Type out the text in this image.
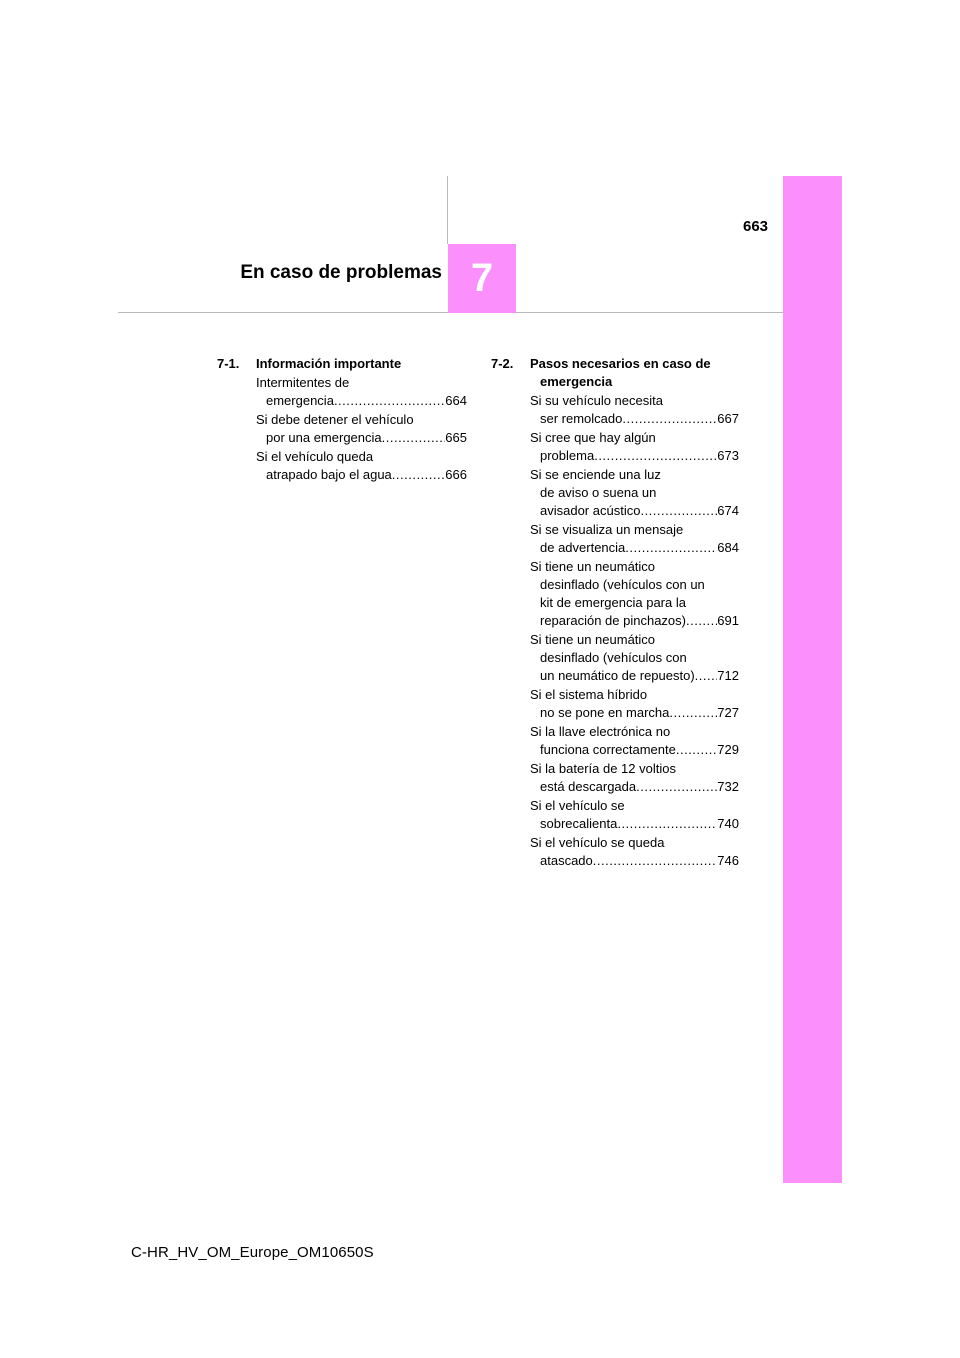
7
En caso de problemas
663
7-1.	Información importante
Intermitentes de
emergencia .....	664
Si debe detener el vehículo
por una emergencia .....	665
Si el vehículo queda
atrapado bajo el agua .....	666
7-2.	Pasos necesarios en caso de
emergencia
Si su vehículo necesita
ser remolcado .....	667
Si cree que hay algún
problema .....	673
Si se enciende una luz
de aviso o suena un
avisador acústico .....	674
Si se visualiza un mensaje
de advertencia .....	684
Si tiene un neumático
desinflado (vehículos con un
kit de emergencia para la
reparación de pinchazos) ..... 691
Si tiene un neumático
desinflado (vehículos con
un neumático de repuesto) ..... 712
Si el sistema híbrido
no se pone en marcha .....	727
Si la llave electrónica no
funciona correctamente .....	729
Si la batería de 12 voltios
está descargada .....	732
Si el vehículo se
sobrecalienta .....	740
Si el vehículo se queda
atascado .....	746
C-HR_HV_OM_Europe_OM10650S
